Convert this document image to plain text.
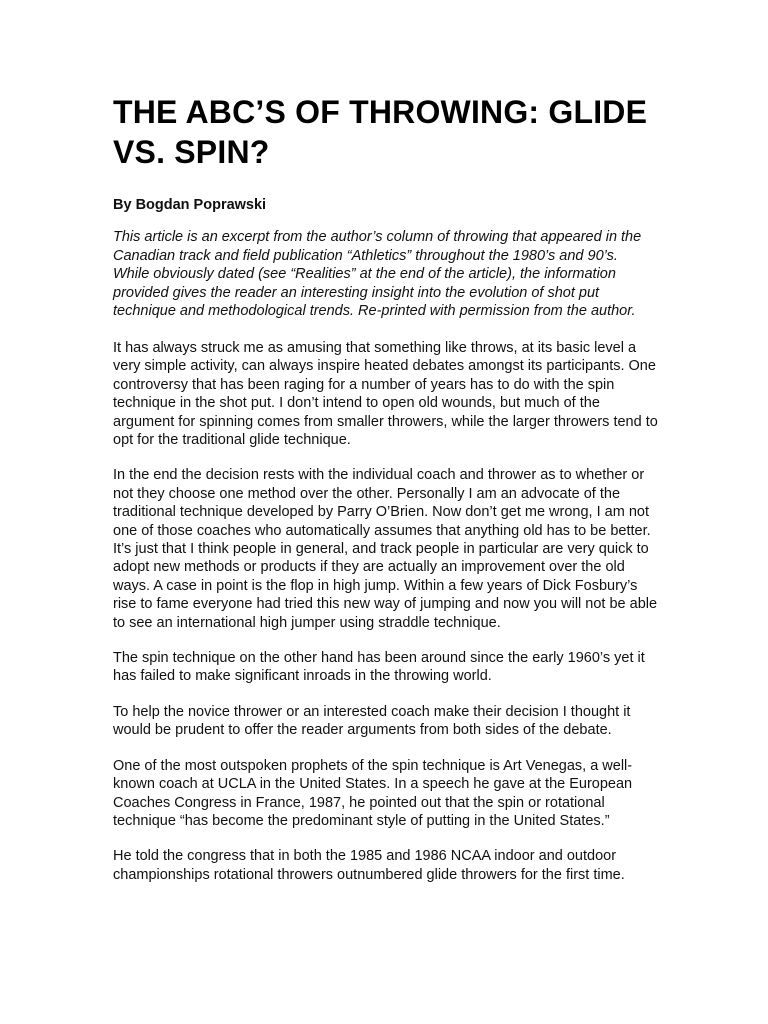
THE ABC’S OF THROWING: GLIDE VS. SPIN?

By Bogdan Poprawski

This article is an excerpt from the author’s column of throwing that appeared in the Canadian track and field publication “Athletics” throughout the 1980’s and 90’s. While obviously dated (see “Realities” at the end of the article), the information provided gives the reader an interesting insight into the evolution of shot put technique and methodological trends. Re-printed with permission from the author.

It has always struck me as amusing that something like throws, at its basic level a very simple activity, can always inspire heated debates amongst its participants. One controversy that has been raging for a number of years has to do with the spin technique in the shot put. I don’t intend to open old wounds, but much of the argument for spinning comes from smaller throwers, while the larger throwers tend to opt for the traditional glide technique.

In the end the decision rests with the individual coach and thrower as to whether or not they choose one method over the other. Personally I am an advocate of the traditional technique developed by Parry O’Brien. Now don’t get me wrong, I am not one of those coaches who automatically assumes that anything old has to be better. It’s just that I think people in general, and track people in particular are very quick to adopt new methods or products if they are actually an improvement over the old ways. A case in point is the flop in high jump. Within a few years of Dick Fosbury’s rise to fame everyone had tried this new way of jumping and now you will not be able to see an international high jumper using straddle technique.

The spin technique on the other hand has been around since the early 1960’s yet it has failed to make significant inroads in the throwing world.

To help the novice thrower or an interested coach make their decision I thought it would be prudent to offer the reader arguments from both sides of the debate.

One of the most outspoken prophets of the spin technique is Art Venegas, a well-known coach at UCLA in the United States. In a speech he gave at the European Coaches Congress in France, 1987, he pointed out that the spin or rotational technique “has become the predominant style of putting in the United States.”

He told the congress that in both the 1985 and 1986 NCAA indoor and outdoor championships rotational throwers outnumbered glide throwers for the first time.
